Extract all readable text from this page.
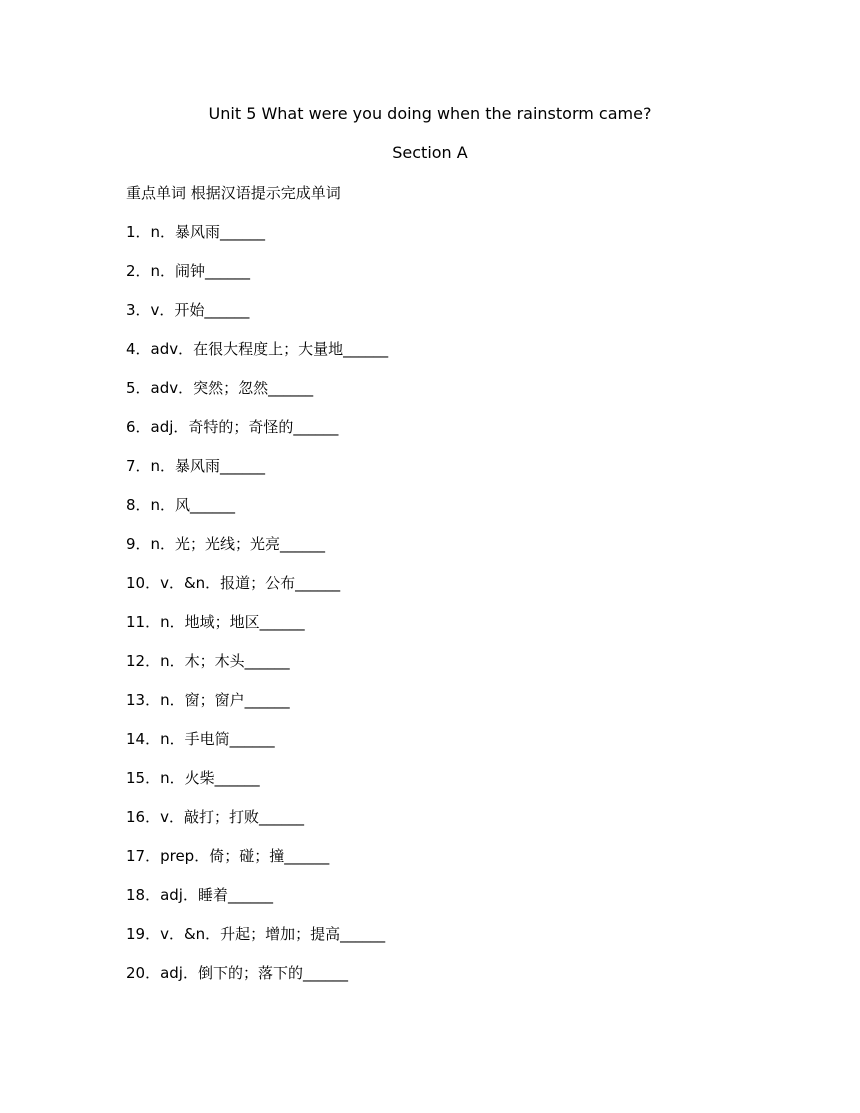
Unit 5 What were you doing when the rainstorm came?
Section A
重点单词 根据汉语提示完成单词
1．n．暴风雨______
2．n．闹钟______
3．v．开始______
4．adv．在很大程度上；大量地______
5．adv．突然；忽然______
6．adj．奇特的；奇怪的______
7．n．暴风雨______
8．n．风______
9．n．光；光线；光亮______
10．v．&n．报道；公布______
11．n．地域；地区______
12．n．木；木头______
13．n．窗；窗户______
14．n．手电筒______
15．n．火柴______
16．v．敲打；打败______
17．prep．倚；碰；撞______
18．adj．睡着______
19．v．&n．升起；增加；提高______
20．adj．倒下的；落下的______
